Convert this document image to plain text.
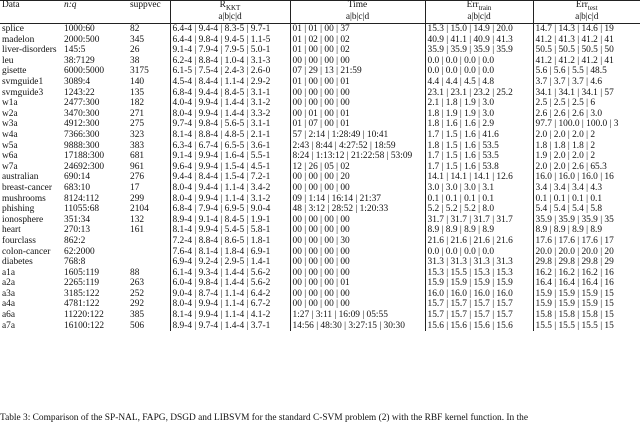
Data	n:q	suppvec	$R_{KKT}$	Time	Err$_{train}$	Err$_{test}$
			a|b|c|d	a|b|c|d	a|b|c|d	a|b|c|d
splice	1000:60	82	6.4-4 | 9.4-4 | 8.3-5 | 9.7-1	01 | 01 | 00 | 37	15.3 | 15.0 | 14.9 | 20.0	14.7 | 14.3 | 14.6 | 19
madelon	2000:500	345	6.4-4 | 9.8-4 | 9.4-5 | 1.1-5	01 | 02 | 00 | 02	40.9 | 41.1 | 40.9 | 41.3	41.2 | 41.3 | 41.2 | 41
liver-disorders	145:5	26	9.1-4 | 7.9-4 | 7.9-5 | 5.0-1	01 | 00 | 00 | 02	35.9 | 35.9 | 35.9 | 35.9	50.5 | 50.5 | 50.5 | 50
leu	38:7129	38	6.2-4 | 8.8-4 | 1.0-4 | 3.1-3	00 | 00 | 00 | 00	0.0 | 0.0 | 0.0 | 0.0	41.2 | 41.2 | 41.2 | 41
gisette	6000:5000	3175	6.1-5 | 7.5-4 | 2.4-3 | 2.6-0	07 | 29 | 13 | 21:59	0.0 | 0.0 | 0.0 | 0.0	5.6 | 5.6 | 5.5 | 48.5
svmguide1	3089:4	140	4.5-4 | 8.4-4 | 1.1-4 | 2.9-2	01 | 00 | 00 | 01	4.4 | 4.4 | 4.5 | 4.8	3.7 | 3.7 | 3.7 | 4.6
svmguide3	1243:22	135	6.8-4 | 9.4-4 | 8.4-5 | 3.1-1	00 | 00 | 00 | 00	23.1 | 23.1 | 23.2 | 25.2	34.1 | 34.1 | 34.1 | 57
w1a	2477:300	182	4.0-4 | 9.9-4 | 1.4-4 | 3.1-2	00 | 00 | 00 | 00	2.1 | 1.8 | 1.9 | 3.0	2.5 | 2.5 | 2.5 | 6
w2a	3470:300	271	8.0-4 | 9.9-4 | 1.4-4 | 3.3-2	00 | 01 | 00 | 01	1.8 | 1.9 | 1.9 | 3.0	2.6 | 2.6 | 2.6 | 3.0
w3a	4912:300	275	9.7-4 | 9.8-4 | 5.6-5 | 3.1-1	01 | 07 | 00 | 01	1.8 | 1.6 | 1.6 | 2.9	97.7 | 100.0 | 100.0 | 3
w4a	7366:300	323	8.1-4 | 8.8-4 | 4.8-5 | 2.1-1	57 | 2:14 | 1:28:49 | 10:41	1.7 | 1.5 | 1.6 | 41.6	2.0 | 2.0 | 2.0 | 2
w5a	9888:300	383	6.3-4 | 6.7-4 | 6.5-5 | 3.6-1	2:43 | 8:44 | 4:27:52 | 18:59	1.8 | 1.5 | 1.6 | 53.5	1.8 | 1.8 | 1.8 | 2
w6a	17188:300	681	9.1-4 | 9.9-4 | 1.6-4 | 5.5-1	8:24 | 1:13:12 | 21:22:58 | 53:09	1.7 | 1.5 | 1.6 | 53.5	1.9 | 2.0 | 2.0 | 2
w7a	24692:300	961	9.6-4 | 9.9-4 | 1.5-4 | 4.5-1	12 | 26 | 05 | 02	1.7 | 1.5 | 1.6 | 53.8	2.0 | 2.0 | 2.6 | 65.3
australian	690:14	276	9.4-4 | 8.4-4 | 1.5-4 | 7.2-1	00 | 00 | 00 | 20	14.1 | 14.1 | 14.1 | 12.6	16.0 | 16.0 | 16.0 | 16
breast-cancer	683:10	17	8.0-4 | 9.4-4 | 1.1-4 | 3.4-2	00 | 00 | 00 | 00	3.0 | 3.0 | 3.0 | 3.1	3.4 | 3.4 | 3.4 | 4.3
mushrooms	8124:112	299	8.0-4 | 9.9-4 | 1.1-4 | 3.1-2	09 | 1:14 | 16:14 | 21:37	0.1 | 0.1 | 0.1 | 0.1	0.1 | 0.1 | 0.1 | 0.1
phishing	11055:68	2104	6.8-4 | 7.9-4 | 6.9-5 | 9.0-4	48 | 3:12 | 28:52 | 1:20:33	5.2 | 5.2 | 5.2 | 8.0	5.4 | 5.4 | 5.4 | 5.8
ionosphere	351:34	132	8.9-4 | 9.1-4 | 8.4-5 | 1.9-1	00 | 00 | 00 | 00	31.7 | 31.7 | 31.7 | 31.7	35.9 | 35.9 | 35.9 | 35
heart	270:13	161	8.1-4 | 9.9-4 | 5.4-5 | 5.8-1	00 | 00 | 00 | 00	8.9 | 8.9 | 8.9 | 8.9	8.9 | 8.9 | 8.9 | 8.9
fourclass	862:2		7.2-4 | 8.8-4 | 8.6-5 | 1.8-1	00 | 00 | 00 | 30	21.6 | 21.6 | 21.6 | 21.6	17.6 | 17.6 | 17.6 | 17
colon-cancer	62:2000		7.6-4 | 8.1-4 | 1.8-4 | 6.9-1	00 | 00 | 00 | 00	0.0 | 0.0 | 0.0 | 0.0	20.0 | 20.0 | 20.0 | 20
diabetes	768:8		6.9-4 | 9.2-4 | 2.9-5 | 1.4-1	00 | 00 | 00 | 00	31.3 | 31.3 | 31.3 | 31.3	29.8 | 29.8 | 29.8 | 29
a1a	1605:119	88	6.1-4 | 9.3-4 | 1.4-4 | 5.6-2	00 | 00 | 00 | 00	15.3 | 15.5 | 15.3 | 15.3	16.2 | 16.2 | 16.2 | 16
a2a	2265:119	263	6.0-4 | 9.8-4 | 1.4-4 | 5.6-2	00 | 00 | 00 | 01	15.9 | 15.9 | 15.9 | 15.9	16.4 | 16.4 | 16.4 | 16
a3a	3185:122	252	9.0-4 | 8.7-4 | 1.1-4 | 6.4-2	00 | 00 | 00 | 00	16.0 | 16.0 | 16.0 | 16.0	15.9 | 15.9 | 15.9 | 15
a4a	4781:122	292	8.0-4 | 9.9-4 | 1.1-4 | 6.7-2	00 | 00 | 00 | 00	15.7 | 15.7 | 15.7 | 15.7	15.9 | 15.9 | 15.9 | 15
a6a	11220:122	385	8.1-4 | 9.9-4 | 1.1-4 | 4.1-2	1:27 | 3:11 | 16:09 | 05:55	15.7 | 15.7 | 15.7 | 15.7	15.8 | 15.8 | 15.8 | 15
a7a	16100:122	506	8.9-4 | 9.7-4 | 1.4-4 | 3.7-1	14:56 | 48:30 | 3:27:15 | 30:30	15.6 | 15.6 | 15.6 | 15.6	15.5 | 15.5 | 15.5 | 15
Table 3: Comparison of the SP-NAL, FAPG, DSGD and LIBSVM for the standard C-SVM problem (2) with the RBF kernel function. In the
